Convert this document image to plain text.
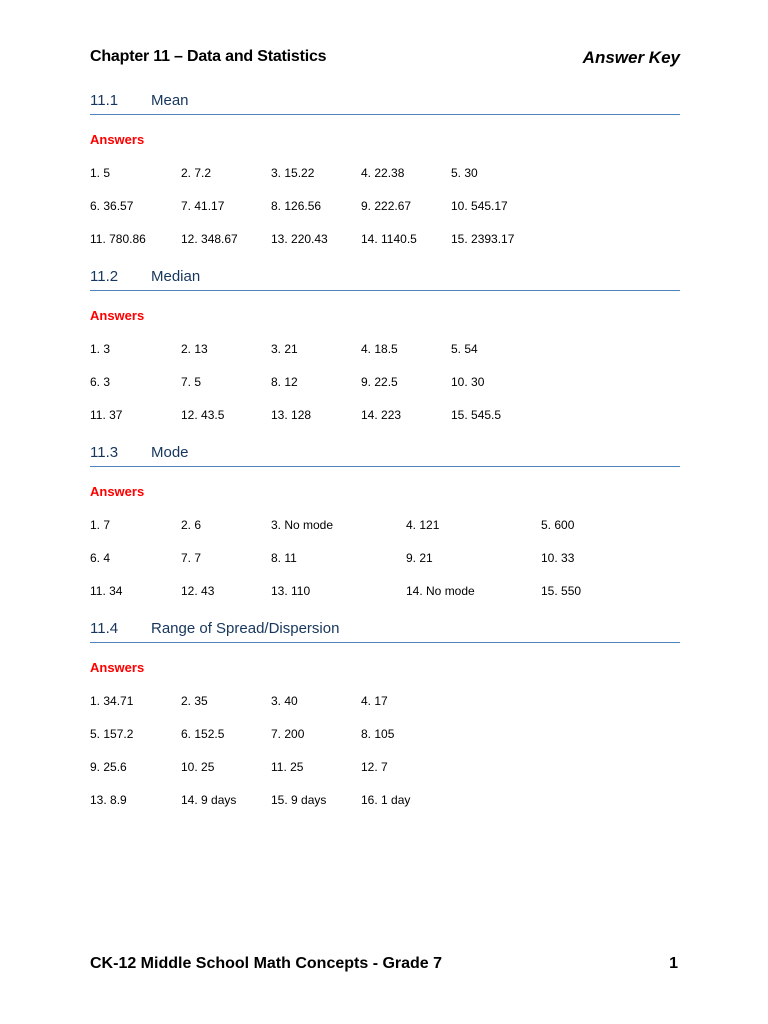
Chapter 11 – Data and Statistics	Answer Key
11.1 Mean
Answers
1. 5	2. 7.2	3. 15.22	4. 22.38	5. 30
6. 36.57	7. 41.17	8. 126.56	9. 222.67	10. 545.17
11. 780.86	12. 348.67	13. 220.43	14. 1140.5	15. 2393.17
11.2 Median
Answers
1. 3	2. 13	3. 21	4. 18.5	5. 54
6. 3	7. 5	8. 12	9. 22.5	10. 30
11. 37	12. 43.5	13. 128	14. 223	15. 545.5
11.3 Mode
Answers
1. 7	2. 6	3. No mode	4. 121	5. 600
6. 4	7. 7	8. 11	9. 21	10. 33
11. 34	12. 43	13. 110	14. No mode	15. 550
11.4 Range of Spread/Dispersion
Answers
1. 34.71	2. 35	3. 40	4. 17
5. 157.2	6. 152.5	7. 200	8. 105
9. 25.6	10. 25	11. 25	12. 7
13. 8.9	14. 9 days	15. 9 days	16. 1 day
CK-12 Middle School Math Concepts - Grade 7	1
